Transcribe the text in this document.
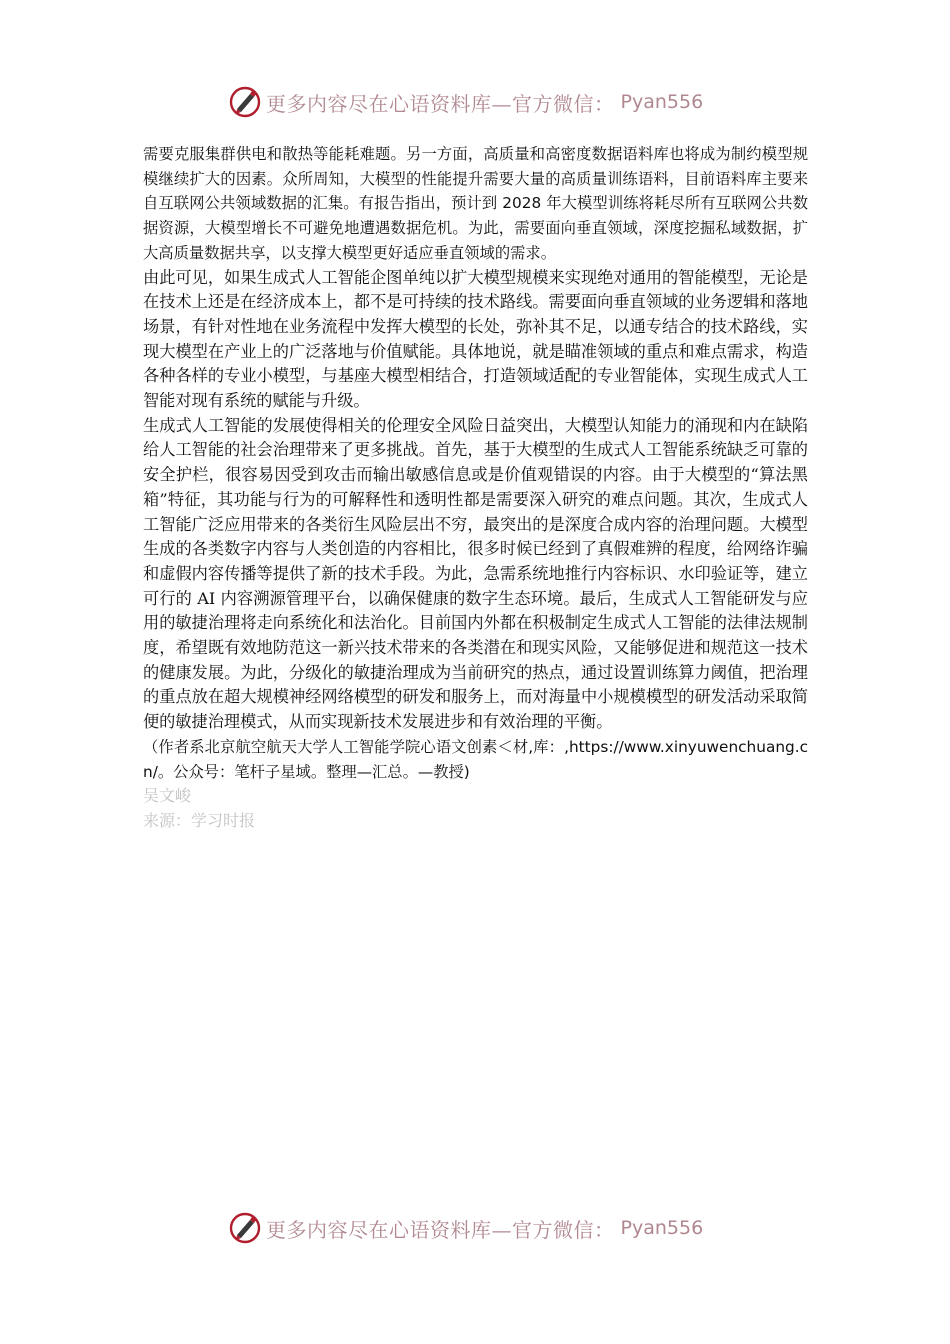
更多内容尽在心语资料库—官方微信： Pyan556

需要克服集群供电和散热等能耗难题。另一方面，高质量和高密度数据语料库也将成为制约模型规模继续扩大的因素。众所周知，大模型的性能提升需要大量的高质量训练语料，目前语料库主要来自互联网公共领域数据的汇集。有报告指出，预计到 2028 年大模型训练将耗尽所有互联网公共数据资源，大模型增长不可避免地遭遇数据危机。为此，需要面向垂直领域，深度挖掘私域数据，扩大高质量数据共享，以支撑大模型更好适应垂直领域的需求。

由此可见，如果生成式人工智能企图单纯以扩大模型规模来实现绝对通用的智能模型，无论是在技术上还是在经济成本上，都不是可持续的技术路线。需要面向垂直领域的业务逻辑和落地场景，有针对性地在业务流程中发挥大模型的长处，弥补其不足，以通专结合的技术路线，实现大模型在产业上的广泛落地与价值赋能。具体地说，就是瞄准领域的重点和难点需求，构造各种各样的专业小模型，与基座大模型相结合，打造领域适配的专业智能体，实现生成式人工智能对现有系统的赋能与升级。

生成式人工智能的发展使得相关的伦理安全风险日益突出，大模型认知能力的涌现和内在缺陷给人工智能的社会治理带来了更多挑战。首先，基于大模型的生成式人工智能系统缺乏可靠的安全护栏，很容易因受到攻击而输出敏感信息或是价值观错误的内容。由于大模型的“算法黑箱”特征，其功能与行为的可解释性和透明性都是需要深入研究的难点问题。其次，生成式人工智能广泛应用带来的各类衍生风险层出不穷，最突出的是深度合成内容的治理问题。大模型生成的各类数字内容与人类创造的内容相比，很多时候已经到了真假难辨的程度，给网络诈骗和虚假内容传播等提供了新的技术手段。为此，急需系统地推行内容标识、水印验证等，建立可行的 AI 内容溯源管理平台，以确保健康的数字生态环境。最后，生成式人工智能研发与应用的敏捷治理将走向系统化和法治化。目前国内外都在积极制定生成式人工智能的法律法规制度，希望既有效地防范这一新兴技术带来的各类潜在和现实风险，又能够促进和规范这一技术的健康发展。为此，分级化的敏捷治理成为当前研究的热点，通过设置训练算力阈值，把治理的重点放在超大规模神经网络模型的研发和服务上，而对海量中小规模模型的研发活动采取简便的敏捷治理模式，从而实现新技术发展进步和有效治理的平衡。

（作者系北京航空航天大学人工智能学院心语文创素＜材,库：,https://www.xinyuwenchuang.cn/。公众号：笔杆子星域。整理—汇总。—教授)

吴文峻

来源：学习时报

更多内容尽在心语资料库—官方微信： Pyan556
